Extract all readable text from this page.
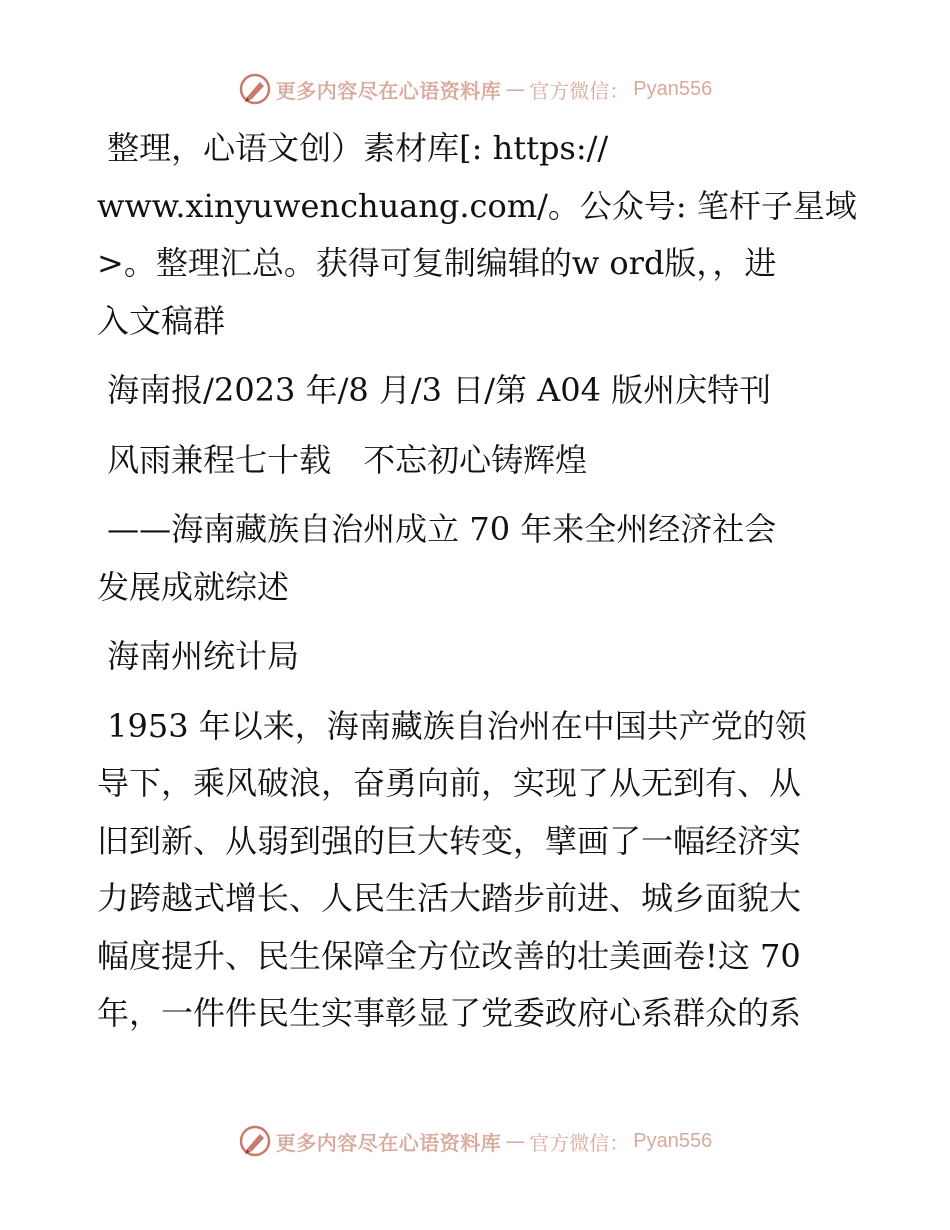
更多内容尽在心语资料库 — 官方微信： Pyan556

整理，心语文创）素材库[: https://
www.xinyuwenchuang.com/。公众号: 笔杆子星域
>。整理汇总。获得可复制编辑的w ord版，，进
入文稿群

海南报/2023 年/8 月/3 日/第 A04 版州庆特刊

风雨兼程七十载　不忘初心铸辉煌

——海南藏族自治州成立 70 年来全州经济社会
发展成就综述

海南州统计局

1953 年以来，海南藏族自治州在中国共产党的领
导下，乘风破浪，奋勇向前，实现了从无到有、从
旧到新、从弱到强的巨大转变，擘画了一幅经济实
力跨越式增长、人民生活大踏步前进、城乡面貌大
幅度提升、民生保障全方位改善的壮美画卷!这 70
年，一件件民生实事彰显了党委政府心系群众的系

更多内容尽在心语资料库 — 官方微信： Pyan556
